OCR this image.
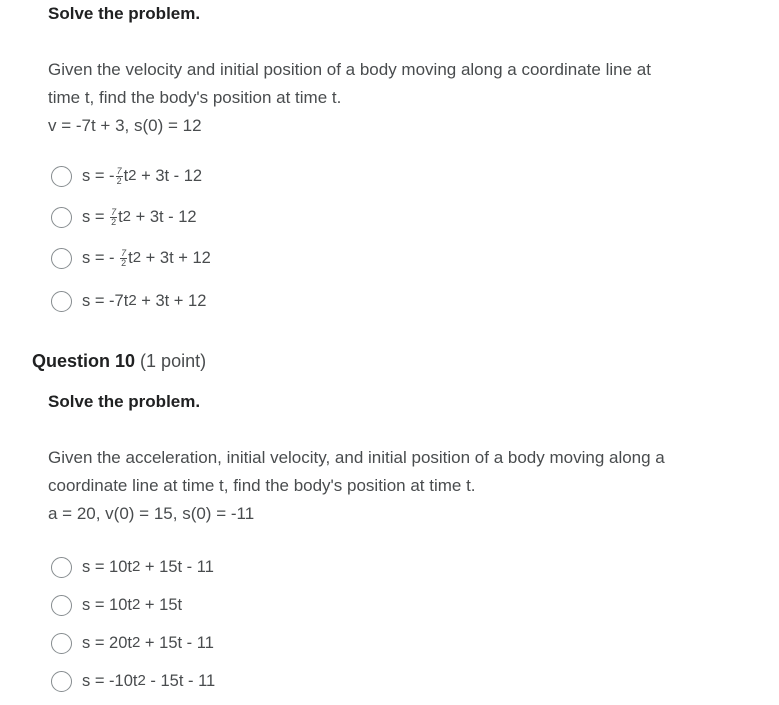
Solve the problem.

Given the velocity and initial position of a body moving along a coordinate line at

time t, find the body's position at time t.

v = -7t + 3, s(0) = 12

s = - $\frac{7}{2}$ t 2 + 3t - 12
$s = \frac{7}{2}$ t 2 + 3t - 12
s = - $\frac{7}{2}$ t 2 + 3t + 12
s = -7t 2 + 3t + 12
Question 10 (1 point)
Solve the problem.

Given the acceleration, initial velocity, and initial position of a body moving along a

coordinate line at time t, find the body's position at time t.

a = 20, v(0) = 15, s(0) = -11

s = 10t 2 + 15t - 11
s = 10t 2 + 15t
s = 20t 2 + 15t - 11
s = -10t 2 - 15t - 11
